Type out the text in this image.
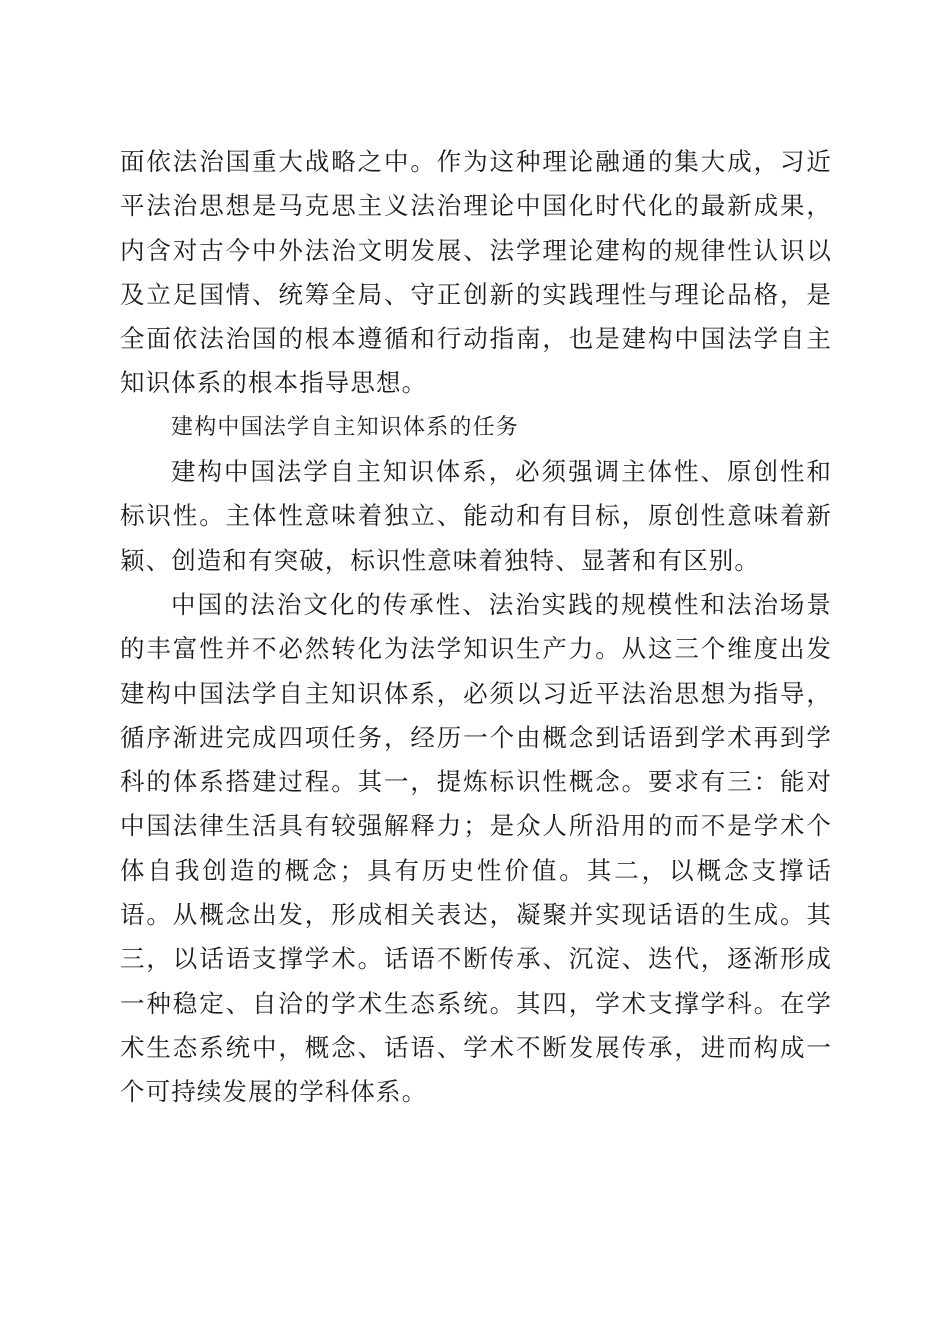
面依法治国重大战略之中。作为这种理论融通的集大成，习近平法治思想是马克思主义法治理论中国化时代化的最新成果，内含对古今中外法治文明发展、法学理论建构的规律性认识以及立足国情、统筹全局、守正创新的实践理性与理论品格，是全面依法治国的根本遵循和行动指南，也是建构中国法学自主知识体系的根本指导思想。

建构中国法学自主知识体系的任务

建构中国法学自主知识体系，必须强调主体性、原创性和标识性。主体性意味着独立、能动和有目标，原创性意味着新颖、创造和有突破，标识性意味着独特、显著和有区别。

中国的法治文化的传承性、法治实践的规模性和法治场景的丰富性并不必然转化为法学知识生产力。从这三个维度出发建构中国法学自主知识体系，必须以习近平法治思想为指导，循序渐进完成四项任务，经历一个由概念到话语到学术再到学科的体系搭建过程。其一，提炼标识性概念。要求有三：能对中国法律生活具有较强解释力；是众人所沿用的而不是学术个体自我创造的概念；具有历史性价值。其二，以概念支撑话语。从概念出发，形成相关表达，凝聚并实现话语的生成。其三，以话语支撑学术。话语不断传承、沉淀、迭代，逐渐形成一种稳定、自洽的学术生态系统。其四，学术支撑学科。在学术生态系统中，概念、话语、学术不断发展传承，进而构成一个可持续发展的学科体系。
